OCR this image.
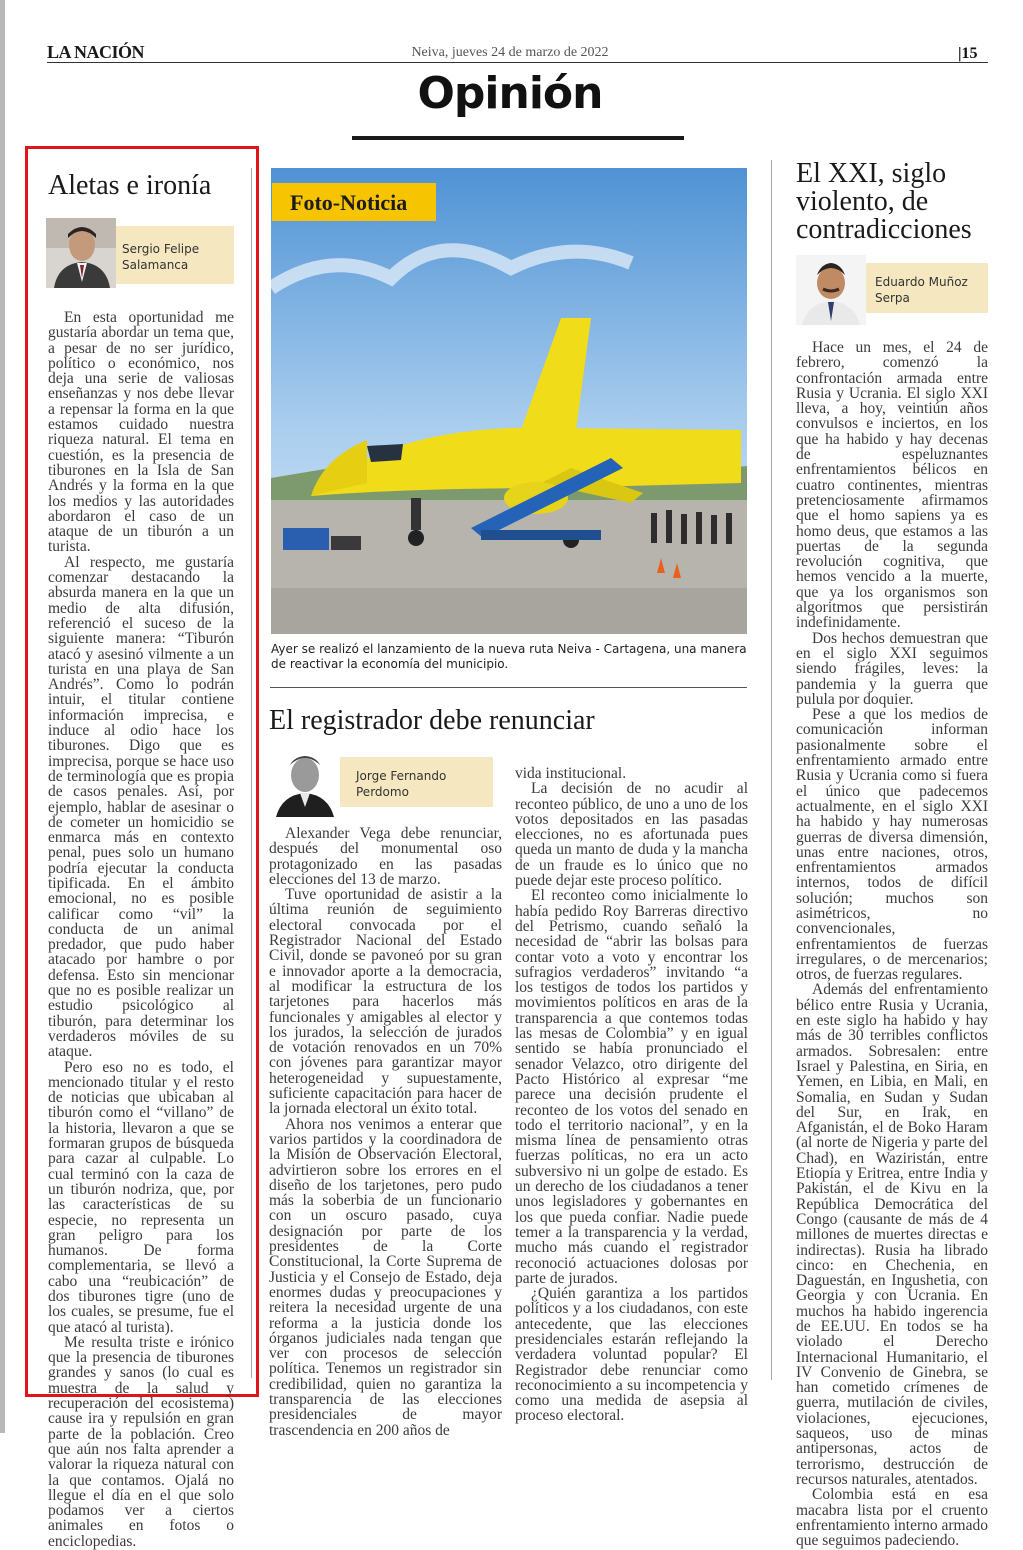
LA NACIÓN	Neiva, jueves 24 de marzo de 2022	|15
Opinión
Aletas e ironía
Sergio Felipe
Salamanca

En esta oportunidad me gustaría abordar un tema que, a pesar de no ser jurídico, político o económico, nos deja una serie de valiosas enseñanzas y nos debe llevar a repensar la forma en la que estamos cuidado nuestra riqueza natural. El tema en cuestión, es la presencia de tiburones en la Isla de San Andrés y la forma en la que los medios y las autoridades abordaron el caso de un ataque de un tiburón a un turista.

Al respecto, me gustaría comenzar destacando la absurda manera en la que un medio de alta difusión, referenció el suceso de la siguiente manera: “Tiburón atacó y asesinó vilmente a un turista en una playa de San Andrés”. Como lo podrán intuir, el titular contiene información imprecisa, e induce al odio hace los tiburones. Digo que es imprecisa, porque se hace uso de terminología que es propia de casos penales. Así, por ejemplo, hablar de asesinar o de cometer un homicidio se enmarca más en contexto penal, pues solo un humano podría ejecutar la conducta tipificada. En el ámbito emocional, no es posible calificar como “vil” la conducta de un animal predador, que pudo haber atacado por hambre o por defensa. Esto sin mencionar que no es posible realizar un estudio psicológico al tiburón, para determinar los verdaderos móviles de su ataque.

Pero eso no es todo, el mencionado titular y el resto de noticias que ubicaban al tiburón como el “villano” de la historia, llevaron a que se formaran grupos de búsqueda para cazar al culpable. Lo cual terminó con la caza de un tiburón nodriza, que, por las características de su especie, no representa un gran peligro para los humanos. De forma complementaria, se llevó a cabo una “reubicación” de dos tiburones tigre (uno de los cuales, se presume, fue el que atacó al turista).

Me resulta triste e irónico que la presencia de tiburones grandes y sanos (lo cual es muestra de la salud y recuperación del ecosistema) cause ira y repulsión en gran parte de la población. Creo que aún nos falta aprender a valorar la riqueza natural con la que contamos. Ojalá no llegue el día en el que solo podamos ver a ciertos animales en fotos o enciclopedias.

Foto-Noticia
Ayer se realizó el lanzamiento de la nueva ruta Neiva - Cartagena, una manera de reactivar la economía del municipio.
El registrador debe renunciar
Jorge Fernando
Perdomo

Alexander Vega debe renunciar, después del monumental oso protagonizado en las pasadas elecciones del 13 de marzo.

Tuve oportunidad de asistir a la última reunión de seguimiento electoral convocada por el Registrador Nacional del Estado Civil, donde se pavoneó por su gran e innovador aporte a la democracia, al modificar la estructura de los tarjetones para hacerlos más funcionales y amigables al elector y los jurados, la selección de jurados de votación renovados en un 70% con jóvenes para garantizar mayor heterogeneidad y supuestamente, suficiente capacitación para hacer de la jornada electoral un éxito total.

Ahora nos venimos a enterar que varios partidos y la coordinadora de la Misión de Observación Electoral, advirtieron sobre los errores en el diseño de los tarjetones, pero pudo más la soberbia de un funcionario con un oscuro pasado, cuya designación por parte de los presidentes de la Corte Constitucional, la Corte Suprema de Justicia y el Consejo de Estado, deja enormes dudas y preocupaciones y reitera la necesidad urgente de una reforma a la justicia donde los órganos judiciales nada tengan que ver con procesos de selección política. Tenemos un registrador sin credibilidad, quien no garantiza la transparencia de las elecciones presidenciales de mayor trascendencia en 200 años de

vida institucional.

La decisión de no acudir al reconteo público, de uno a uno de los votos depositados en las pasadas elecciones, no es afortunada pues queda un manto de duda y la mancha de un fraude es lo único que no puede dejar este proceso político.

El reconteo como inicialmente lo había pedido Roy Barreras directivo del Petrismo, cuando señaló la necesidad de “abrir las bolsas para contar voto a voto y encontrar los sufragios verdaderos” invitando “a los testigos de todos los partidos y movimientos políticos en aras de la transparencia a que contemos todas las mesas de Colombia” y en igual sentido se había pronunciado el senador Velazco, otro dirigente del Pacto Histórico al expresar “me parece una decisión prudente el reconteo de los votos del senado en todo el territorio nacional”, y en la misma línea de pensamiento otras fuerzas políticas, no era un acto subversivo ni un golpe de estado. Es un derecho de los ciudadanos a tener unos legisladores y gobernantes en los que pueda confiar. Nadie puede temer a la transparencia y la verdad, mucho más cuando el registrador reconoció actuaciones dolosas por parte de jurados.

¿Quién garantiza a los partidos políticos y a los ciudadanos, con este antecedente, que las elecciones presidenciales estarán reflejando la verdadera voluntad popular? El Registrador debe renunciar como reconocimiento a su incompetencia y como una medida de asepsia al proceso electoral.

El XXI, siglo
violento, de
contradicciones
Eduardo Muñoz
Serpa

Hace un mes, el 24 de febrero, comenzó la confrontación armada entre Rusia y Ucrania. El siglo XXI lleva, a hoy, veintiún años convulsos e inciertos, en los que ha habido y hay decenas de espeluznantes enfrentamientos bélicos en cuatro continentes, mientras pretenciosamente afirmamos que el homo sapiens ya es homo deus, que estamos a las puertas de la segunda revolución cognitiva, que hemos vencido a la muerte, que ya los organismos son algoritmos que persistirán indefinidamente.

Dos hechos demuestran que en el siglo XXI seguimos siendo frágiles, leves: la pandemia y la guerra que pulula por doquier.

Pese a que los medios de comunicación informan pasionalmente sobre el enfrentamiento armado entre Rusia y Ucrania como si fuera el único que padecemos actualmente, en el siglo XXI ha habido y hay numerosas guerras de diversa dimensión, unas entre naciones, otros, enfrentamientos armados internos, todos de difícil solución; muchos son asimétricos, no convencionales, enfrentamientos de fuerzas irregulares, o de mercenarios; otros, de fuerzas regulares.

Además del enfrentamiento bélico entre Rusia y Ucrania, en este siglo ha habido y hay más de 30 terribles conflictos armados. Sobresalen: entre Israel y Palestina, en Siria, en Yemen, en Libia, en Mali, en Somalia, en Sudan y Sudan del Sur, en Irak, en Afganistán, el de Boko Haram (al norte de Nigeria y parte del Chad), en Waziristán, entre Etiopía y Eritrea, entre India y Pakistán, el de Kivu en la República Democrática del Congo (causante de más de 4 millones de muertes directas e indirectas). Rusia ha librado cinco: en Chechenia, en Daguestán, en Ingushetia, con Georgia y con Ucrania. En muchos ha habido ingerencia de EE.UU. En todos se ha violado el Derecho Internacional Humanitario, el IV Convenio de Ginebra, se han cometido crímenes de guerra, mutilación de civiles, violaciones, ejecuciones, saqueos, uso de minas antipersonas, actos de terrorismo, destrucción de recursos naturales, atentados.

Colombia está en esa macabra lista por el cruento enfrentamiento interno armado que seguimos padeciendo.
